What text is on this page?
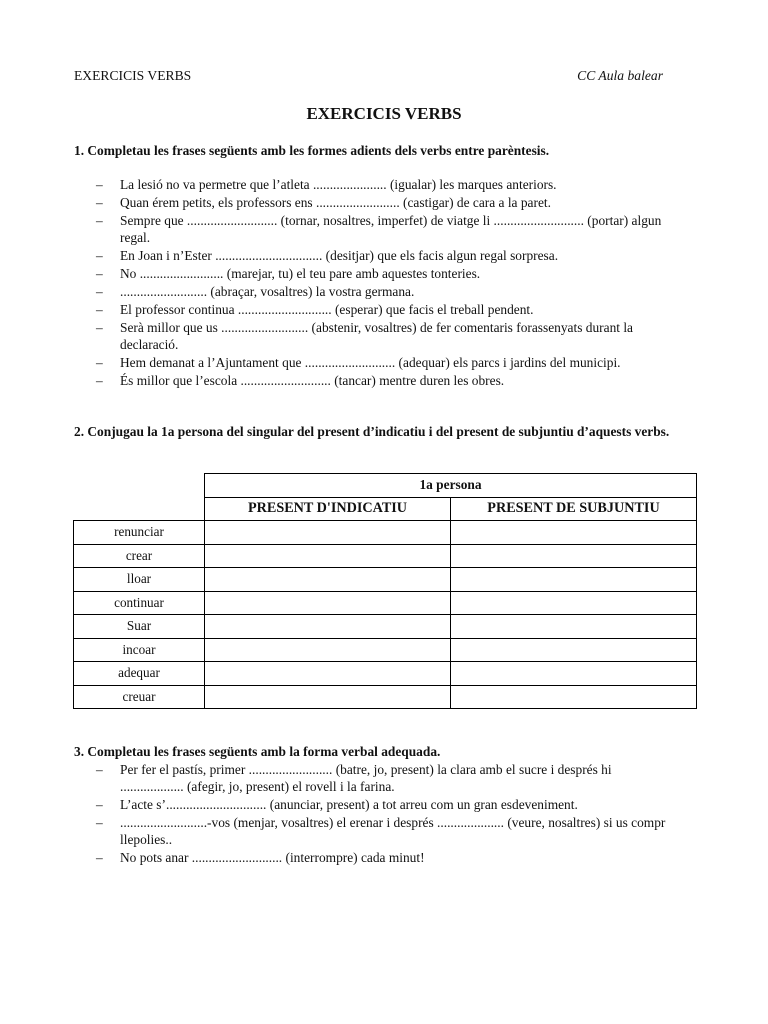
EXERCICIS VERBS	CC Aula balear
EXERCICIS VERBS
1. Completau les frases següents amb les formes adients dels verbs entre parèntesis.
– La lesió no va permetre que l’atleta ...................... (igualar) les marques anteriors.
– Quan érem petits, els professors ens ......................... (castigar) de cara a la paret.
– Sempre que ........................... (tornar, nosaltres, imperfet) de viatge li ........................... (portar) algun regal.
– En Joan i n’Ester ................................ (desitjar) que els facis algun regal sorpresa.
– No ......................... (marejar, tu) el teu pare amb aquestes tonteries.
– .......................... (abraçar, vosaltres) la vostra germana.
– El professor continua ............................ (esperar) que facis el treball pendent.
– Serà millor que us .......................... (abstenir, vosaltres) de fer comentaris forassenyats durant la declaració.
– Hem demanat a l’Ajuntament que ........................... (adequar) els parcs i jardins del municipi.
– És millor que l’escola ........................... (tancar) mentre duren les obres.
2. Conjugau la 1a persona del singular del present d’indicatiu i del present de subjuntiu d’aquests verbs.
	1a persona	
	PRESENT D'INDICATIU	PRESENT DE SUBJUNTIU
renunciar		
crear		
lloar		
continuar		
Suar		
incoar		
adequar		
creuar		
3. Completau les frases següents amb la forma verbal adequada.
– Per fer el pastís, primer ......................... (batre, jo, present) la clara amb el sucre i després hi ................... (afegir, jo, present) el rovell i la farina.
– L’acte s’.............................. (anunciar, present) a tot arreu com un gran esdeveniment.
– ..........................-vos (menjar, vosaltres) el erenar i després .................... (veure, nosaltres) si us compr llepolies..
– No pots anar ........................... (interrompre) cada minut!
